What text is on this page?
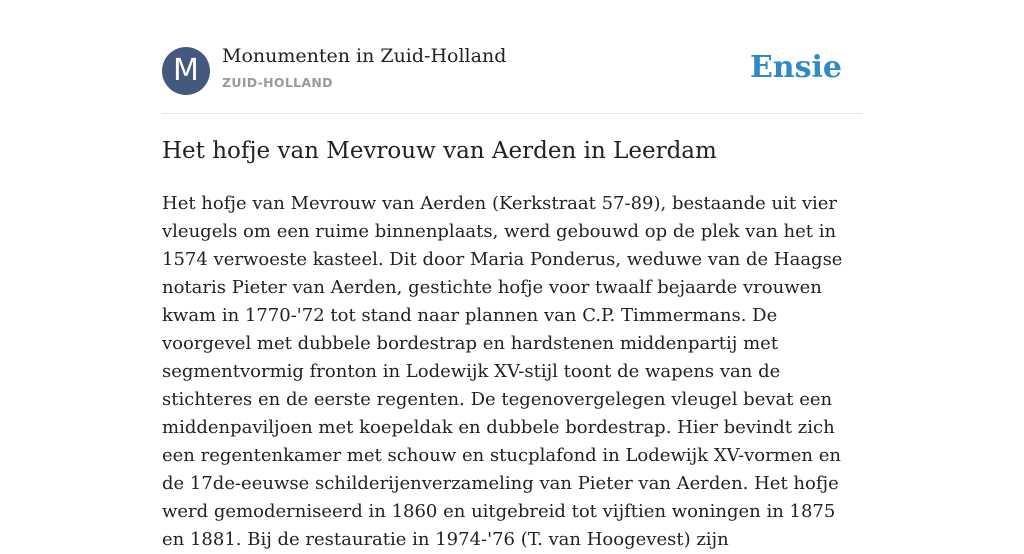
M	Monumenten in Zuid-Holland
ZUID-HOLLAND	Ensie
Het hofje van Mevrouw van Aerden in Leerdam

Het hofje van Mevrouw van Aerden (Kerkstraat 57-89), bestaande uit vier vleugels om een ruime binnenplaats, werd gebouwd op de plek van het in 1574 verwoeste kasteel. Dit door Maria Ponderus, weduwe van de Haagse notaris Pieter van Aerden, gestichte hofje voor twaalf bejaarde vrouwen kwam in 1770-'72 tot stand naar plannen van C.P. Timmermans. De voorgevel met dubbele bordestrap en hardstenen middenpartij met segmentvormig fronton in Lodewijk XV-stijl toont de wapens van de stichteres en de eerste regenten. De tegenovergelegen vleugel bevat een middenpaviljoen met koepeldak en dubbele bordestrap. Hier bevindt zich een regentenkamer met schouw en stucplafond in Lodewijk XV-vormen en de 17de-eeuwse schilderijenverzameling van Pieter van Aerden. Het hofje werd gemoderniseerd in 1860 en uitgebreid tot vijftien woningen in 1875 en 1881. Bij de restauratie in 1974-'76 (T. van Hoogevest) zijn
